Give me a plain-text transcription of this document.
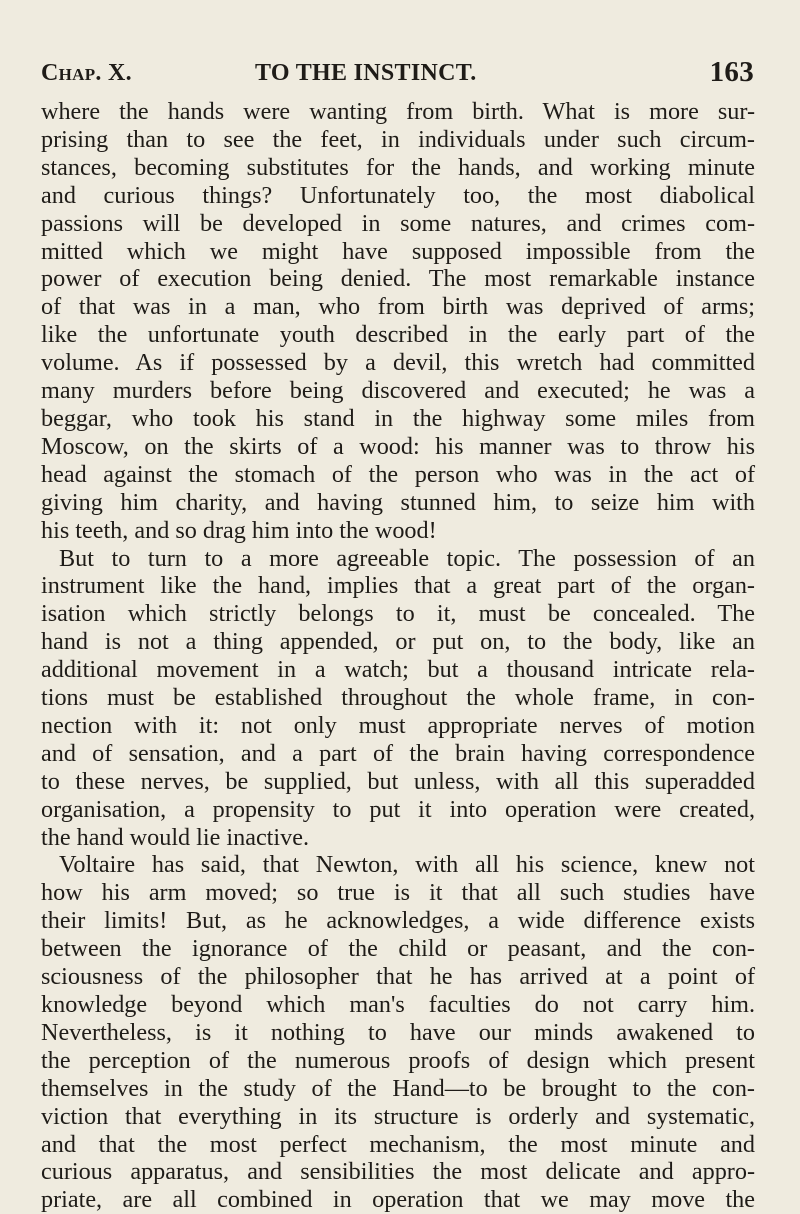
Chap. X.	TO THE INSTINCT.	163
where the hands were wanting from birth. What is more sur-
prising than to see the feet, in individuals under such circum-
stances, becoming substitutes for the hands, and working minute
and curious things? Unfortunately too, the most diabolical
passions will be developed in some natures, and crimes com-
mitted which we might have supposed impossible from the
power of execution being denied. The most remarkable instance
of that was in a man, who from birth was deprived of arms;
like the unfortunate youth described in the early part of the
volume. As if possessed by a devil, this wretch had committed
many murders before being discovered and executed; he was a
beggar, who took his stand in the highway some miles from
Moscow, on the skirts of a wood: his manner was to throw his
head against the stomach of the person who was in the act of
giving him charity, and having stunned him, to seize him with
his teeth, and so drag him into the wood!
But to turn to a more agreeable topic. The possession of an
instrument like the hand, implies that a great part of the organ-
isation which strictly belongs to it, must be concealed. The
hand is not a thing appended, or put on, to the body, like an
additional movement in a watch; but a thousand intricate rela-
tions must be established throughout the whole frame, in con-
nection with it: not only must appropriate nerves of motion
and of sensation, and a part of the brain having correspondence
to these nerves, be supplied, but unless, with all this superadded
organisation, a propensity to put it into operation were created,
the hand would lie inactive.
Voltaire has said, that Newton, with all his science, knew not
how his arm moved; so true is it that all such studies have
their limits! But, as he acknowledges, a wide difference exists
between the ignorance of the child or peasant, and the con-
sciousness of the philosopher that he has arrived at a point of
knowledge beyond which man's faculties do not carry him.
Nevertheless, is it nothing to have our minds awakened to
the perception of the numerous proofs of design which present
themselves in the study of the Hand—to be brought to the con-
viction that everything in its structure is orderly and systematic,
and that the most perfect mechanism, the most minute and
curious apparatus, and sensibilities the most delicate and appro-
priate, are all combined in operation that we may move the
